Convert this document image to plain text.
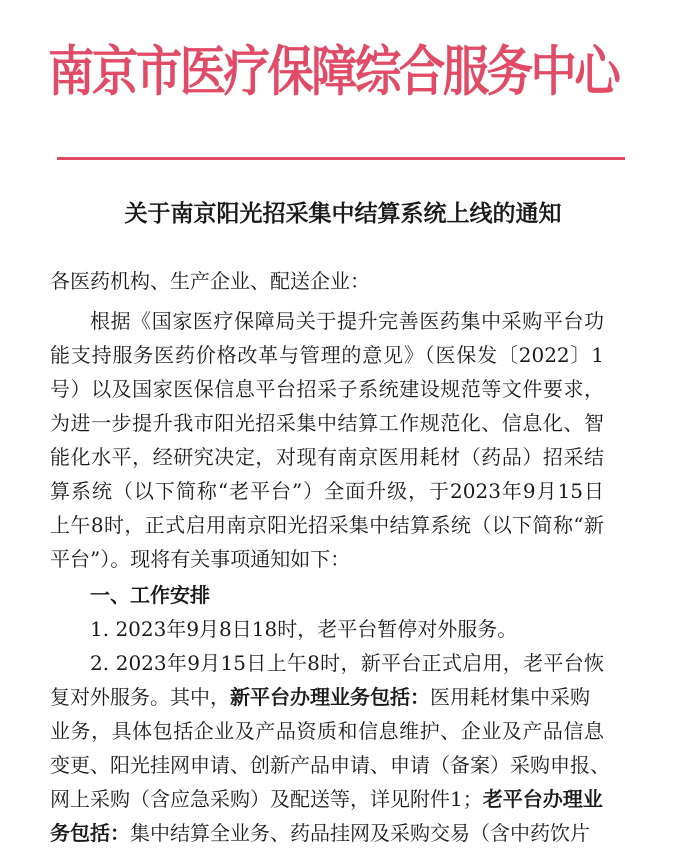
南京市医疗保障综合服务中心
关于南京阳光招采集中结算系统上线的通知
各医药机构、生产企业、配送企业：
根据《国家医疗保障局关于提升完善医药集中采购平台功
能支持服务医药价格改革与管理的意见》（医保发〔2022〕1
号）以及国家医保信息平台招采子系统建设规范等文件要求，
为进一步提升我市阳光招采集中结算工作规范化、信息化、智
能化水平，经研究决定，对现有南京医用耗材（药品）招采结
算系统（以下简称“老平台”）全面升级，于2023年9月15日
上午8时，正式启用南京阳光招采集中结算系统（以下简称“新
平台”）。现将有关事项通知如下：
一、工作安排
1. 2023年9月8日18时，老平台暂停对外服务。
2. 2023年9月15日上午8时，新平台正式启用，老平台恢
复对外服务。其中，新平台办理业务包括：医用耗材集中采购
业务，具体包括企业及产品资质和信息维护、企业及产品信息
变更、阳光挂网申请、创新产品申请、申请（备案）采购申报、
网上采购（含应急采购）及配送等，详见附件1；老平台办理业
务包括：集中结算全业务、药品挂网及采购交易（含中药饮片
